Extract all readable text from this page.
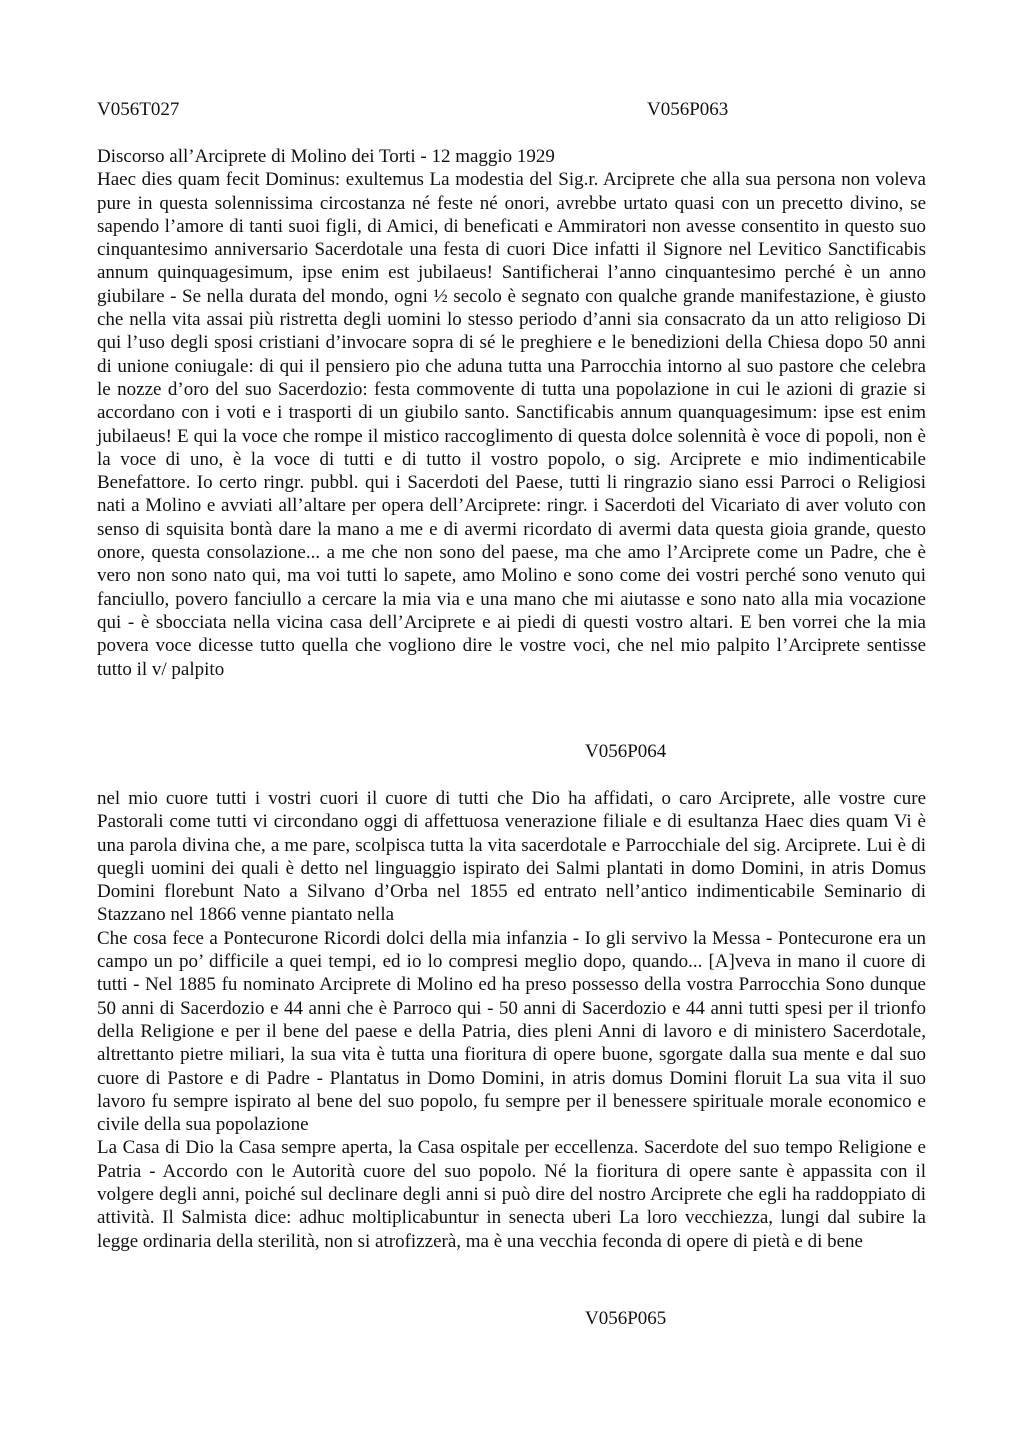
V056T027	V056P063

Discorso all’Arciprete di Molino dei Torti - 12 maggio 1929

Haec dies quam fecit Dominus: exultemus La modestia del Sig.r. Arciprete che alla sua persona non voleva pure in questa solennissima circostanza né feste né onori, avrebbe urtato quasi con un precetto divino, se sapendo l’amore di tanti suoi figli, di Amici, di beneficati e Ammiratori non avesse consentito in questo suo cinquantesimo anniversario Sacerdotale una festa di cuori Dice infatti il Signore nel Levitico Sanctificabis annum quinquagesimum, ipse enim est jubilaeus! Santificherai l’anno cinquantesimo perché è un anno giubilare - Se nella durata del mondo, ogni ½ secolo è segnato con qualche grande manifestazione, è giusto che nella vita assai più ristretta degli uomini lo stesso periodo d’anni sia consacrato da un atto religioso Di qui l’uso degli sposi cristiani d’invocare sopra di sé le preghiere e le benedizioni della Chiesa dopo 50 anni di unione coniugale: di qui il pensiero pio che aduna tutta una Parrocchia intorno al suo pastore che celebra le nozze d’oro del suo Sacerdozio: festa commovente di tutta una popolazione in cui le azioni di grazie si accordano con i voti e i trasporti di un giubilo santo. Sanctificabis annum quanquagesimum: ipse est enim jubilaeus! E qui la voce che rompe il mistico raccoglimento di questa dolce solennità è voce di popoli, non è la voce di uno, è la voce di tutti e di tutto il vostro popolo, o sig. Arciprete e mio indimenticabile Benefattore. Io certo ringr. pubbl. qui i Sacerdoti del Paese, tutti li ringrazio siano essi Parroci o Religiosi nati a Molino e avviati all’altare per opera dell’Arciprete: ringr. i Sacerdoti del Vicariato di aver voluto con senso di squisita bontà dare la mano a me e di avermi ricordato di avermi data questa gioia grande, questo onore, questa consolazione... a me che non sono del paese, ma che amo l’Arciprete come un Padre, che è vero non sono nato qui, ma voi tutti lo sapete, amo Molino e sono come dei vostri perché sono venuto qui fanciullo, povero fanciullo a cercare la mia via e una mano che mi aiutasse e sono nato alla mia vocazione qui - è sbocciata nella vicina casa dell’Arciprete e ai piedi di questi vostro altari. E ben vorrei che la mia povera voce dicesse tutto quella che vogliono dire le vostre voci, che nel mio palpito l’Arciprete sentisse tutto il v/ palpito

V056P064

nel mio cuore tutti i vostri cuori il cuore di tutti che Dio ha affidati, o caro Arciprete, alle vostre cure Pastorali come tutti vi circondano oggi di affettuosa venerazione filiale e di esultanza Haec dies quam Vi è una parola divina che, a me pare, scolpisca tutta la vita sacerdotale e Parrocchiale del sig. Arciprete. Lui è di quegli uomini dei quali è detto nel linguaggio ispirato dei Salmi plantati in domo Domini, in atris Domus Domini florebunt Nato a Silvano d’Orba nel 1855 ed entrato nell’antico indimenticabile Seminario di Stazzano nel 1866 venne piantato nella

Che cosa fece a Pontecurone Ricordi dolci della mia infanzia - Io gli servivo la Messa - Pontecurone era un campo un po’ difficile a quei tempi, ed io lo compresi meglio dopo, quando... [A]veva in mano il cuore di tutti - Nel 1885 fu nominato Arciprete di Molino ed ha preso possesso della vostra Parrocchia Sono dunque 50 anni di Sacerdozio e 44 anni che è Parroco qui - 50 anni di Sacerdozio e 44 anni tutti spesi per il trionfo della Religione e per il bene del paese e della Patria, dies pleni Anni di lavoro e di ministero Sacerdotale, altrettanto pietre miliari, la sua vita è tutta una fioritura di opere buone, sgorgate dalla sua mente e dal suo cuore di Pastore e di Padre - Plantatus in Domo Domini, in atris domus Domini floruit La sua vita il suo lavoro fu sempre ispirato al bene del suo popolo, fu sempre per il benessere spirituale morale economico e civile della sua popolazione

La Casa di Dio la Casa sempre aperta, la Casa ospitale per eccellenza. Sacerdote del suo tempo Religione e Patria - Accordo con le Autorità cuore del suo popolo. Né la fioritura di opere sante è appassita con il volgere degli anni, poiché sul declinare degli anni si può dire del nostro Arciprete che egli ha raddoppiato di attività. Il Salmista dice: adhuc moltiplicabuntur in senecta uberi La loro vecchiezza, lungi dal subire la legge ordinaria della sterilità, non si atrofizzerà, ma è una vecchia feconda di opere di pietà e di bene

V056P065
